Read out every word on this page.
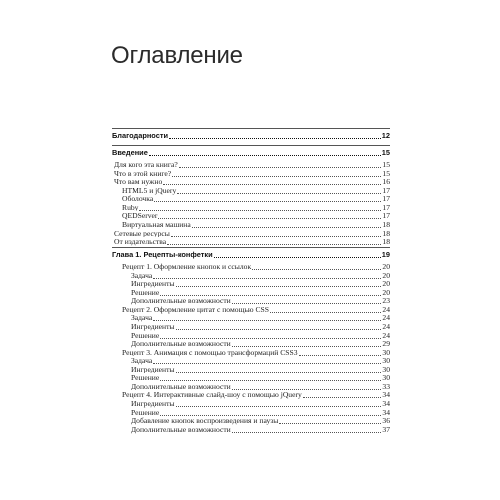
Оглавление
Благодарности	12
Введение	15
Для кого эта книга?	15
Что в этой книге?	15
Что вам нужно	16
HTML5 и jQuery	17
Оболочка	17
Ruby	17
QEDServer	17
Виртуальная машина	18
Сетевые ресурсы	18
От издательства	18
Глава 1. Рецепты-конфетки	19
Рецепт 1. Оформление кнопок и ссылок	20
Задача	20
Ингредиенты	20
Решение	20
Дополнительные возможности	23
Рецепт 2. Оформление цитат с помощью CSS	24
Задача	24
Ингредиенты	24
Решение	24
Дополнительные возможности	29
Рецепт 3. Анимация с помощью трансформаций CSS3	30
Задача	30
Ингредиенты	30
Решение	30
Дополнительные возможности	33
Рецепт 4. Интерактивные слайд-шоу с помощью jQuery	34
Ингредиенты	34
Решение	34
Добавление кнопок воспроизведения и паузы	36
Дополнительные возможности	37
